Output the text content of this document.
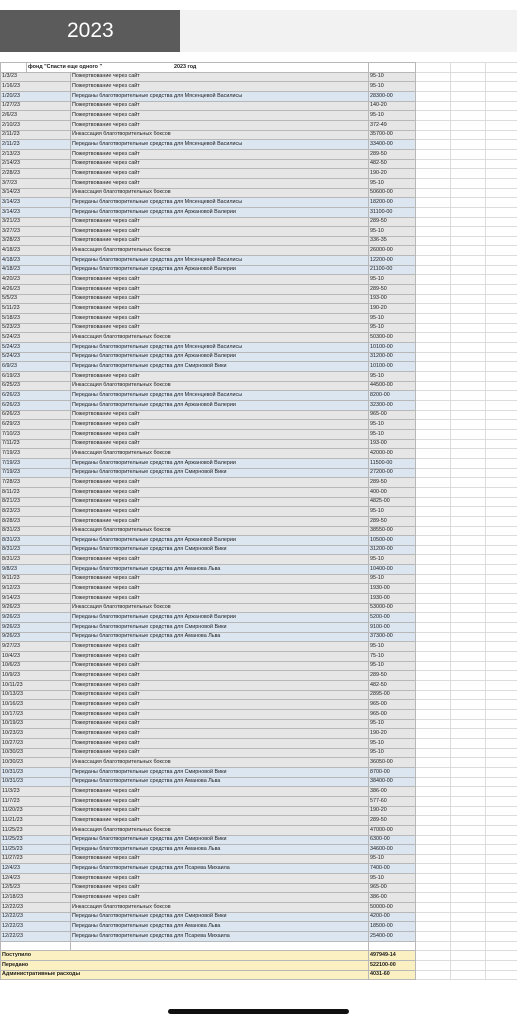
2023
	фонд "Спасти еще одного " 2023 год					
1/3/23		Пожертвование через сайт	95-10			
1/16/23		Пожертвование через сайт	95-10			
1/20/23		Переданы благотворительные средства для Мясенцевой Василисы	28300-00			
1/27/23		Пожертвование через сайт	140-20			
2/6/23		Пожертвование через сайт	95-10			
2/10/23		Пожертвование через сайт	372-49			
2/11/23		Инкассация благотворительных боксов	35700-00			
2/11/23		Переданы благотворительные средства для Мясенцевой Василисы	33400-00			
2/13/23		Пожертвование через сайт	289-50			
2/14/23		Пожертвование через сайт	482-50			
2/28/23		Пожертвование через сайт	190-20			
3/7/23		Пожертвование через сайт	95-10			
3/14/23		Инкассация благотворительных боксов	50600-00			
3/14/23		Переданы благотворительные средства для Мясенцевой Василисы	18200-00			
3/14/23		Переданы благотворительные средства для Аржановой Валерии	31100-00			
3/21/23		Пожертвование через сайт	289-50			
3/27/23		Пожертвование через сайт	95-10			
3/28/23		Пожертвование через сайт	336-35			
4/18/23		Инкассация благотворительных боксов	26000-00			
4/18/23		Переданы благотворительные средства для Мясенцевой Василисы	12200-00			
4/18/23		Переданы благотворительные средства для Аржановой Валерии	21100-00			
4/20/23		Пожертвование через сайт	95-10			
4/26/23		Пожертвование через сайт	289-50			
5/5/23		Пожертвование через сайт	193-00			
5/11/23		Пожертвование через сайт	190-20			
5/18/23		Пожертвование через сайт	95-10			
5/23/23		Пожертвование через сайт	95-10			
5/24/23		Инкассация благотворительных боксов	50300-00			
5/24/23		Переданы благотворительные средства для Мясенцевой Василисы	10100-00			
5/24/23		Переданы благотворительные средства для Аржановой Валерии	31200-00			
6/9/23		Переданы благотворительные средства для Смирновой Вики	10100-00			
6/19/23		Пожертвование через сайт	95-10			
6/25/23		Инкассация благотворительных боксов	44500-00			
6/26/23		Переданы благотворительные средства для Мясенцевой Василисы	8200-00			
6/26/23		Переданы благотворительные средства для Аржановой Валерии	32300-00			
6/26/23		Пожертвование через сайт	965-00			
6/29/23		Пожертвование через сайт	95-10			
7/10/23		Пожертвование через сайт	95-10			
7/11/23		Пожертвование через сайт	193-00			
7/19/23		Инкассация благотворительных боксов	42000-00			
7/19/23		Переданы благотворительные средства для Аржановой Валерии	11500-00			
7/19/23		Переданы благотворительные средства для Смирновой Вики	27200-00			
7/28/23		Пожертвование через сайт	289-50			
8/11/23		Пожертвование через сайт	400-00			
8/21/23		Пожертвование через сайт	4825-00			
8/23/23		Пожертвование через сайт	95-10			
8/28/23		Пожертвование через сайт	289-50			
8/31/23		Инкассация благотворительных боксов	38550-00			
8/31/23		Переданы благотворительные средства для Аржановой Валерии	10500-00			
8/31/23		Переданы благотворительные средства для Смирновой Вики	31200-00			
8/31/23		Пожертвование через сайт	95-10			
9/8/23		Переданы благотворительные средства для Аманова Льва	10400-00			
9/11/23		Пожертвование через сайт	95-10			
9/12/23		Пожертвование через сайт	1930-00			
9/14/23		Пожертвование через сайт	1930-00			
9/26/23		Инкассация благотворительных боксов	53000-00			
9/26/23		Переданы благотворительные средства для Аржановой Валерии	5200-00			
9/26/23		Переданы благотворительные средства для Смирновой Вики	9100-00			
9/26/23		Переданы благотворительные средства для Аманова Льва	37300-00			
9/27/23		Пожертвование через сайт	95-10			
10/4/23		Пожертвование через сайт	75-10			
10/6/23		Пожертвование через сайт	95-10			
10/9/23		Пожертвование через сайт	289-50			
10/11/23		Пожертвование через сайт	482-50			
10/13/23		Пожертвование через сайт	2895-00			
10/16/23		Пожертвование через сайт	965-00			
10/17/23		Пожертвование через сайт	965-00			
10/19/23		Пожертвование через сайт	95-10			
10/23/23		Пожертвование через сайт	190-20			
10/27/23		Пожертвование через сайт	95-10			
10/30/23		Пожертвование через сайт	95-10			
10/30/23		Инкассация благотворительных боксов	36050-00			
10/31/23		Переданы благотворительные средства для Смирновой Вики	8700-00			
10/31/23		Переданы благотворительные средства для Аманова Льва	38400-00			
11/3/23		Пожертвование через сайт	386-00			
11/7/23		Пожертвование через сайт	577-60			
11/20/23		Пожертвование через сайт	190-20			
11/21/23		Пожертвование через сайт	289-50			
11/25/23		Инкассация благотворительных боксов	47000-00			
11/25/23		Переданы благотворительные средства для Смирновой Вики	6300-00			
11/25/23		Переданы благотворительные средства для Аманова Льва	34600-00			
11/27/23		Пожертвование через сайт	95-10			
12/4/23		Переданы благотворительные средства для Псарева Михаила	7400-00			
12/4/23		Пожертвование через сайт	95-10			
12/5/23		Пожертвование через сайт	965-00			
12/18/23		Пожертвование через сайт	386-00			
12/22/23		Инкассация благотворительных боксов	50000-00			
12/22/23		Переданы благотворительные средства для Смирновой Вики	4200-00			
12/22/23		Переданы благотворительные средства для Аманова Льва	18500-00			
12/22/23		Переданы благотворительные средства для Псарева Михаила	25400-00			

Поступило			497949-14			
Передано			522100-00			
Административные расходы			4031-60			
